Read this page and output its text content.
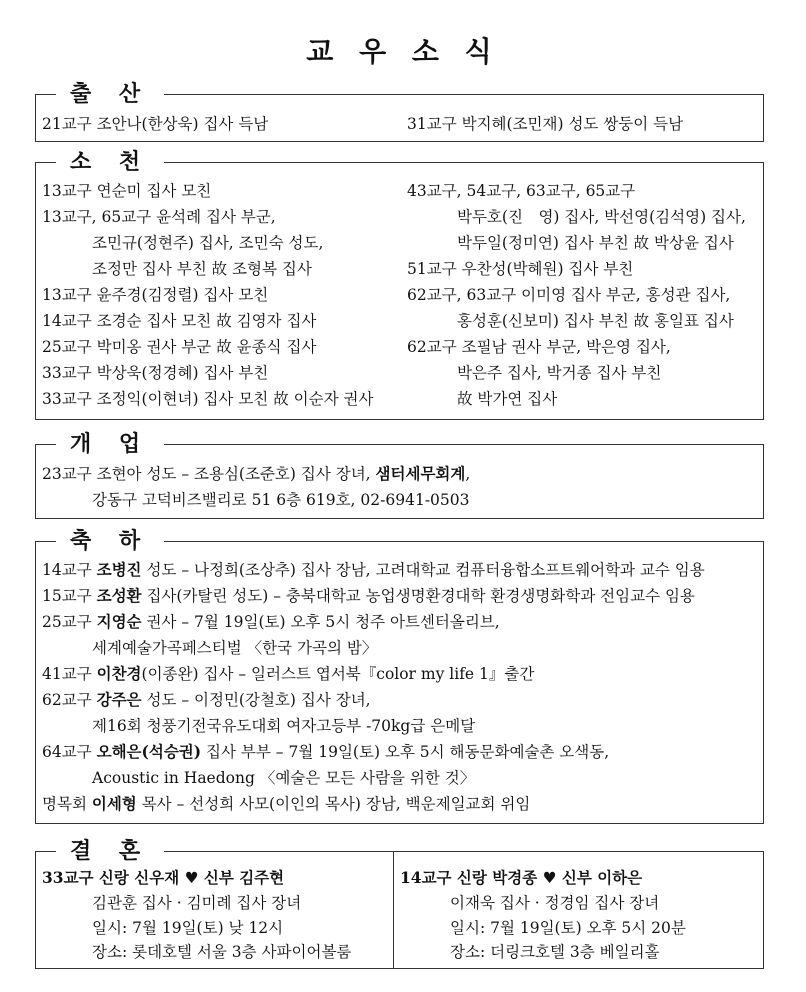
교 우 소 식
21교구 조안나(한상욱) 집사 득남	31교구 박지혜(조민재) 성도 쌍둥이 득남
출 산
13교구 연순미 집사 모친
13교구, 65교구 윤석례 집사 부군,
조민규(정현주) 집사, 조민숙 성도,
조정만 집사 부친 故 조형복 집사
13교구 윤주경(김정렬) 집사 모친
14교구 조경순 집사 모친 故 김영자 집사
25교구 박미옹 권사 부군 故 윤종식 집사
33교구 박상욱(정경혜) 집사 부친
33교구 조정익(이현녀) 집사 모친 故 이순자 권사
43교구, 54교구, 63교구, 65교구
박두호(진　영) 집사, 박선영(김석영) 집사,
박두일(정미연) 집사 부친 故 박상윤 집사
51교구 우찬성(박혜원) 집사 부친
62교구, 63교구 이미영 집사 부군, 홍성관 집사,
홍성훈(신보미) 집사 부친 故 홍일표 집사
62교구 조필남 권사 부군, 박은영 집사,
박은주 집사, 박거종 집사 부친
故 박가연 집사
소 천
23교구 조현아 성도 – 조용심(조준호) 집사 장녀, 샘터세무회계,
강동구 고덕비즈밸리로 51 6층 619호, 02-6941-0503
개 업
14교구 조병진 성도 – 나정희(조상추) 집사 장남, 고려대학교 컴퓨터융합소프트웨어학과 교수 임용
15교구 조성환 집사(카탈린 성도) – 충북대학교 농업생명환경대학 환경생명화학과 전임교수 임용
25교구 지영순 권사 – 7월 19일(토) 오후 5시 청주 아트센터올리브,
세계예술가곡페스티벌 〈한국 가곡의 밤〉
41교구 이찬경(이종완) 집사 – 일러스트 엽서북『color my life 1』출간
62교구 강주은 성도 – 이정민(강철호) 집사 장녀,
제16회 청풍기전국유도대회 여자고등부 -70kg급 은메달
64교구 오해은(석승권) 집사 부부 – 7월 19일(토) 오후 5시 해동문화예술촌 오색동,
Acoustic in Haedong 〈예술은 모든 사람을 위한 것〉
명목회 이세형 목사 – 선성희 사모(이인의 목사) 장남, 백운제일교회 위임
축 하
33교구 신랑 신우재 ♥ 신부 김주현
김관훈 집사 · 김미례 집사 장녀
일시: 7월 19일(토) 낮 12시
장소: 롯데호텔 서울 3층 사파이어볼룸
14교구 신랑 박경종 ♥ 신부 이하은
이재욱 집사 · 정경임 집사 장녀
일시: 7월 19일(토) 오후 5시 20분
장소: 더링크호텔 3층 베일리홀
결 혼
